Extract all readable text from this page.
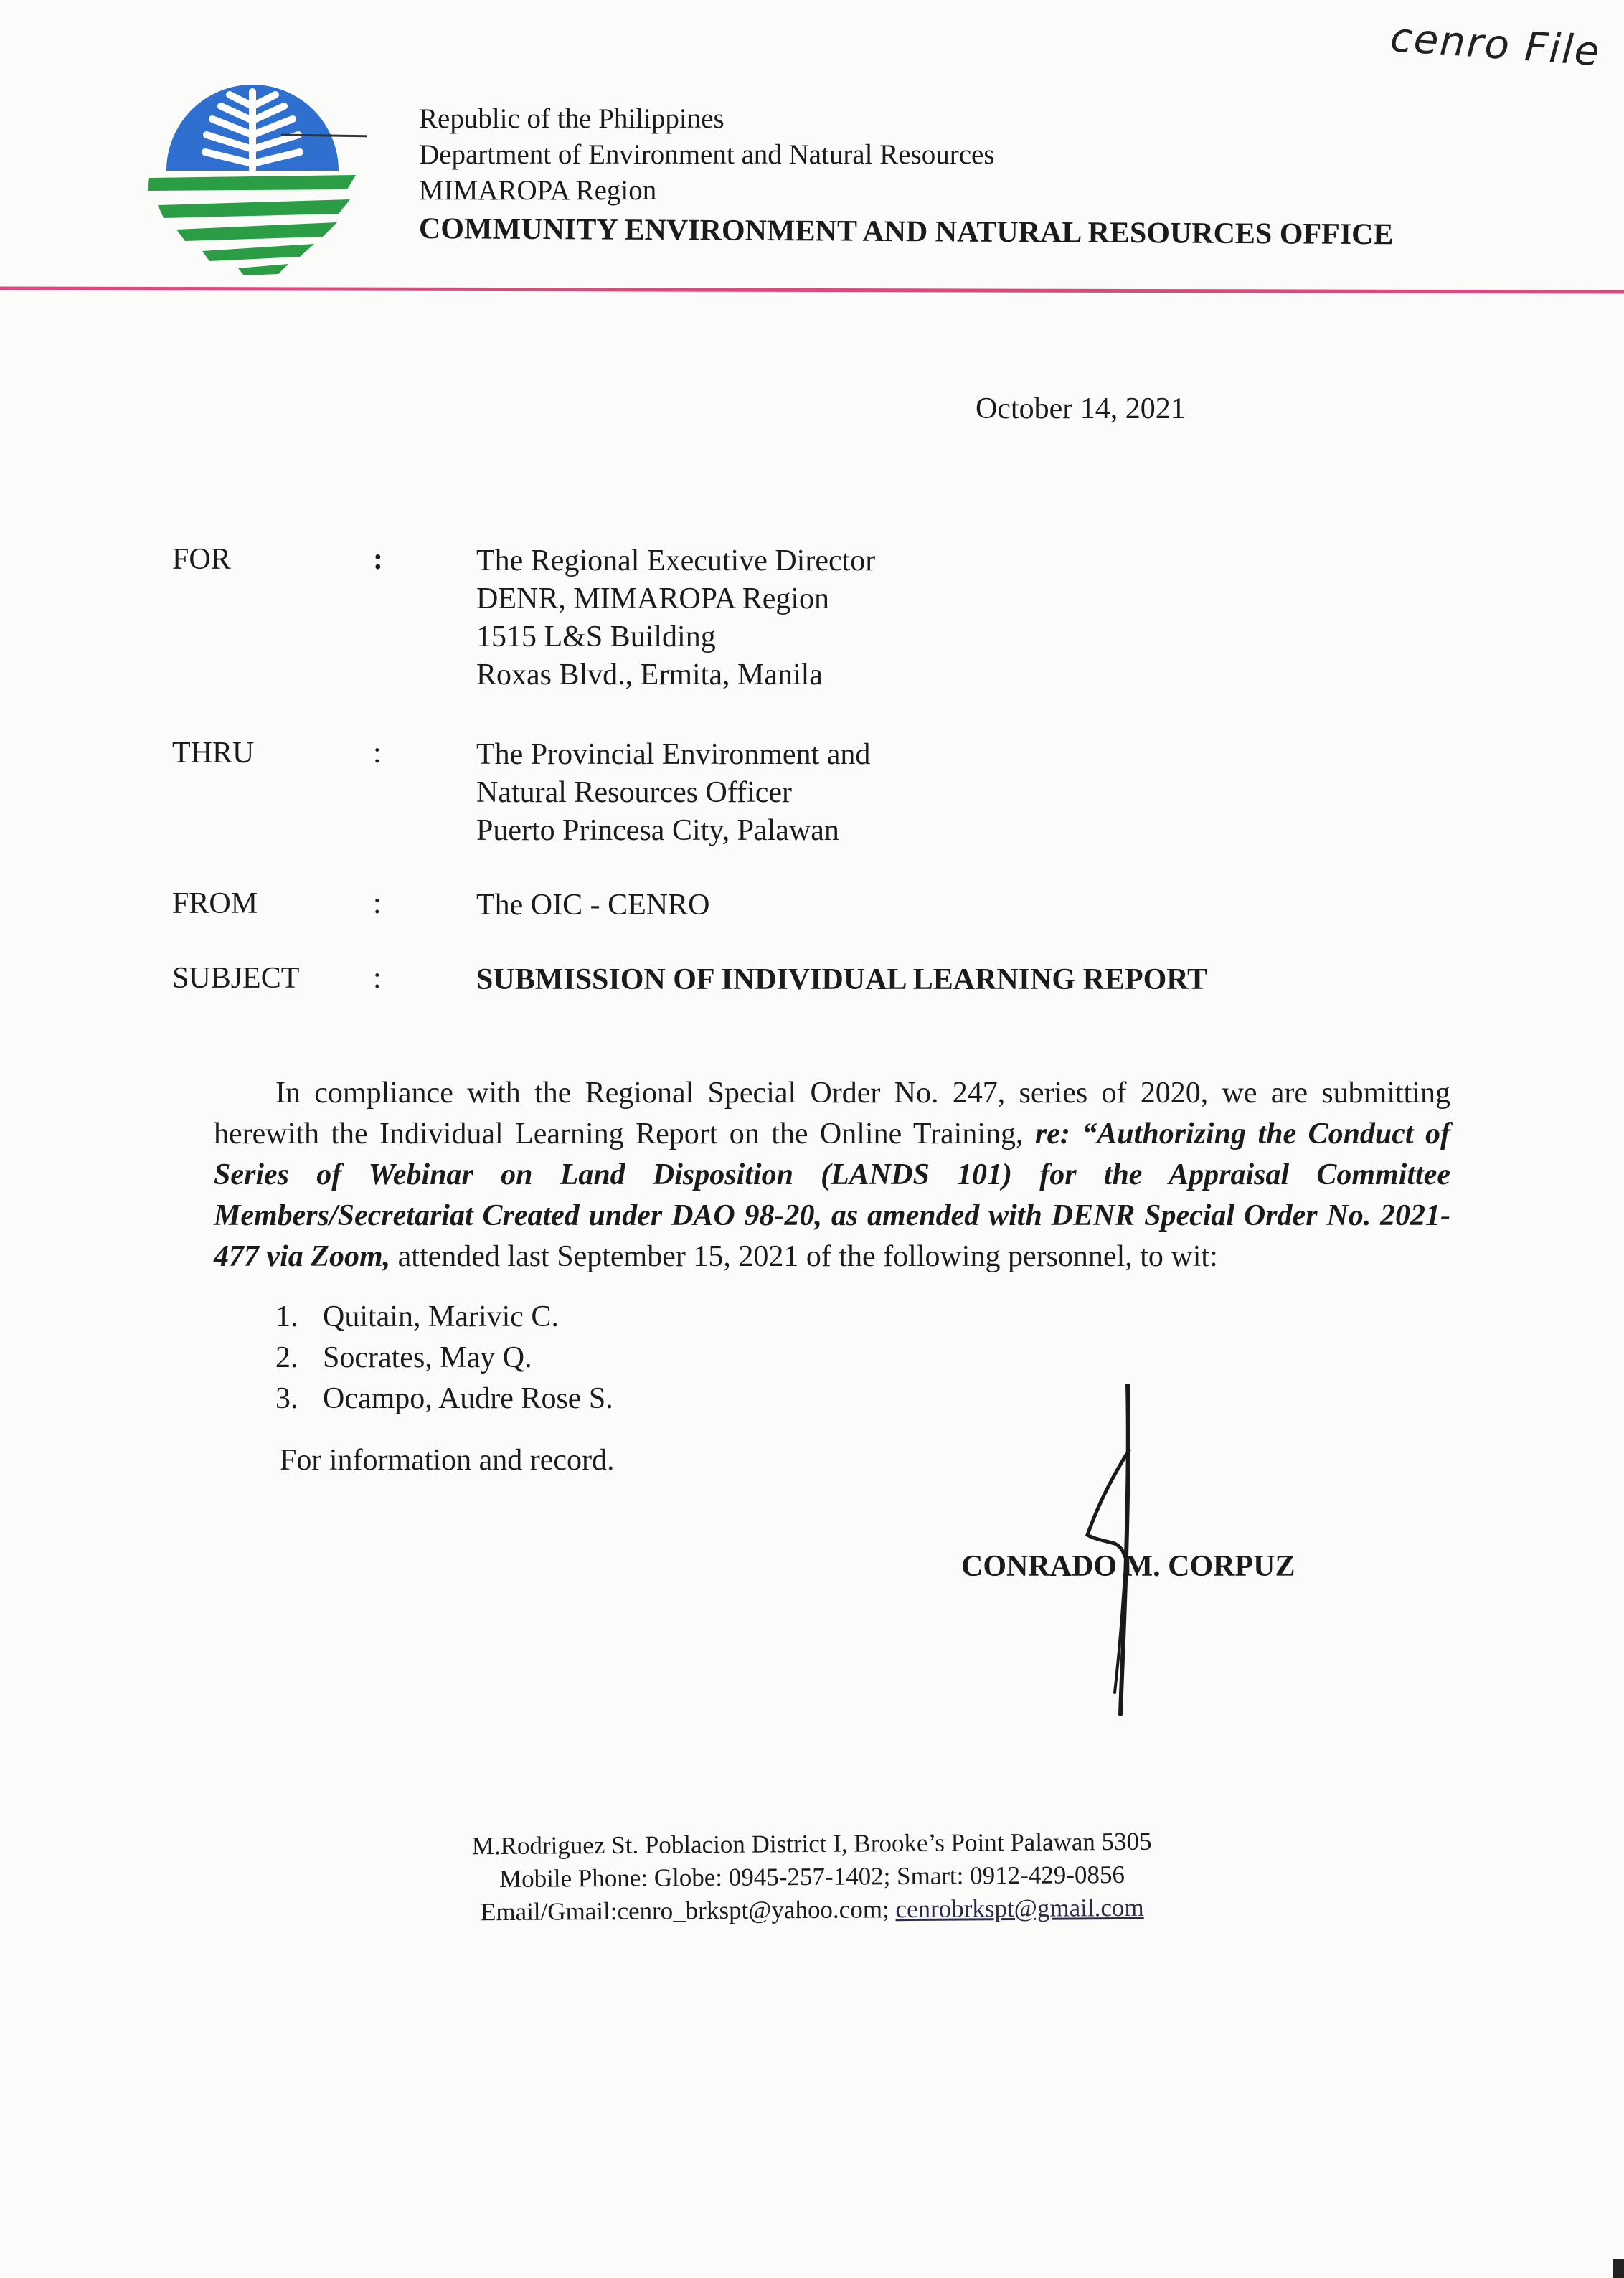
cenro File
Republic of the Philippines
Department of Environment and Natural Resources
MIMAROPA Region
COMMUNITY ENVIRONMENT AND NATURAL RESOURCES OFFICE
October 14, 2021
FOR	:	The Regional Executive Director
DENR, MIMAROPA Region
1515 L&S Building
Roxas Blvd., Ermita, Manila
THRU	:	The Provincial Environment and
Natural Resources Officer
Puerto Princesa City, Palawan
FROM	:	The OIC - CENRO
SUBJECT :	SUBMISSION OF INDIVIDUAL LEARNING REPORT
In compliance with the Regional Special Order No. 247, series of 2020, we are submitting herewith the Individual Learning Report on the Online Training, re: “Authorizing the Conduct of Series of Webinar on Land Disposition (LANDS 101) for the Appraisal Committee Members/Secretariat Created under DAO 98-20, as amended with DENR Special Order No. 2021-477 via Zoom, attended last September 15, 2021 of the following personnel, to wit:
1. Quitain, Marivic C.
2. Socrates, May Q.
3. Ocampo, Audre Rose S.
For information and record.
CONRADO M. CORPUZ
M.Rodriguez St. Poblacion District I, Brooke’s Point Palawan 5305
Mobile Phone: Globe: 0945-257-1402; Smart: 0912-429-0856
Email/Gmail:cenro_brkspt@yahoo.com; cenrobrkspt@gmail.com
